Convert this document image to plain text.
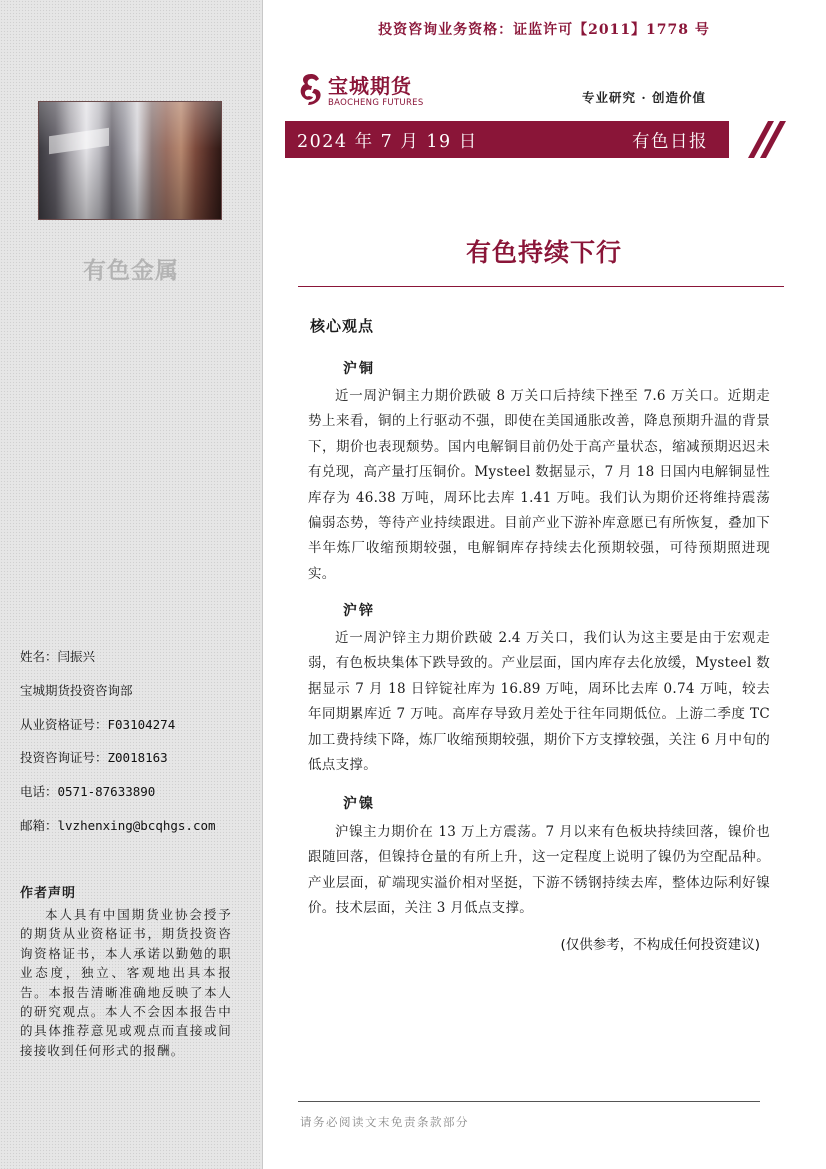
有色金属
姓名：闫振兴
宝城期货投资咨询部
从业资格证号：F03104274
投资咨询证号：Z0018163
电话：0571-87633890
邮箱：lvzhenxing@bcqhgs.com
作者声明
本人具有中国期货业协会授予的期货从业资格证书，期货投资咨询资格证书，本人承诺以勤勉的职业态度，独立、客观地出具本报告。本报告清晰准确地反映了本人的研究观点。本人不会因本报告中的具体推荐意见或观点而直接或间接接收到任何形式的报酬。
投资咨询业务资格：证监许可【2011】1778 号
宝城期货
BAOCHENG FUTURES	专业研究 · 创造价值
2024 年 7 月 19 日	有色日报
有色持续下行
核心观点
沪铜
近一周沪铜主力期价跌破 8 万关口后持续下挫至 7.6 万关口。近期走势上来看，铜的上行驱动不强，即使在美国通胀改善，降息预期升温的背景下，期价也表现颓势。国内电解铜目前仍处于高产量状态，缩减预期迟迟未有兑现，高产量打压铜价。Mysteel 数据显示，7 月 18 日国内电解铜显性库存为 46.38 万吨，周环比去库 1.41 万吨。我们认为期价还将维持震荡偏弱态势，等待产业持续跟进。目前产业下游补库意愿已有所恢复，叠加下半年炼厂收缩预期较强，电解铜库存持续去化预期较强，可待预期照进现实。
沪锌
近一周沪锌主力期价跌破 2.4 万关口，我们认为这主要是由于宏观走弱，有色板块集体下跌导致的。产业层面，国内库存去化放缓，Mysteel 数据显示 7 月 18 日锌锭社库为 16.89 万吨，周环比去库 0.74 万吨，较去年同期累库近 7 万吨。高库存导致月差处于往年同期低位。上游二季度 TC 加工费持续下降，炼厂收缩预期较强，期价下方支撑较强，关注 6 月中旬的低点支撑。
沪镍
沪镍主力期价在 13 万上方震荡。7 月以来有色板块持续回落，镍价也跟随回落，但镍持仓量的有所上升，这一定程度上说明了镍仍为空配品种。产业层面，矿端现实溢价相对坚挺，下游不锈钢持续去库，整体边际利好镍价。技术层面，关注 3 月低点支撑。
(仅供参考，不构成任何投资建议)
请务必阅读文末免责条款部分
